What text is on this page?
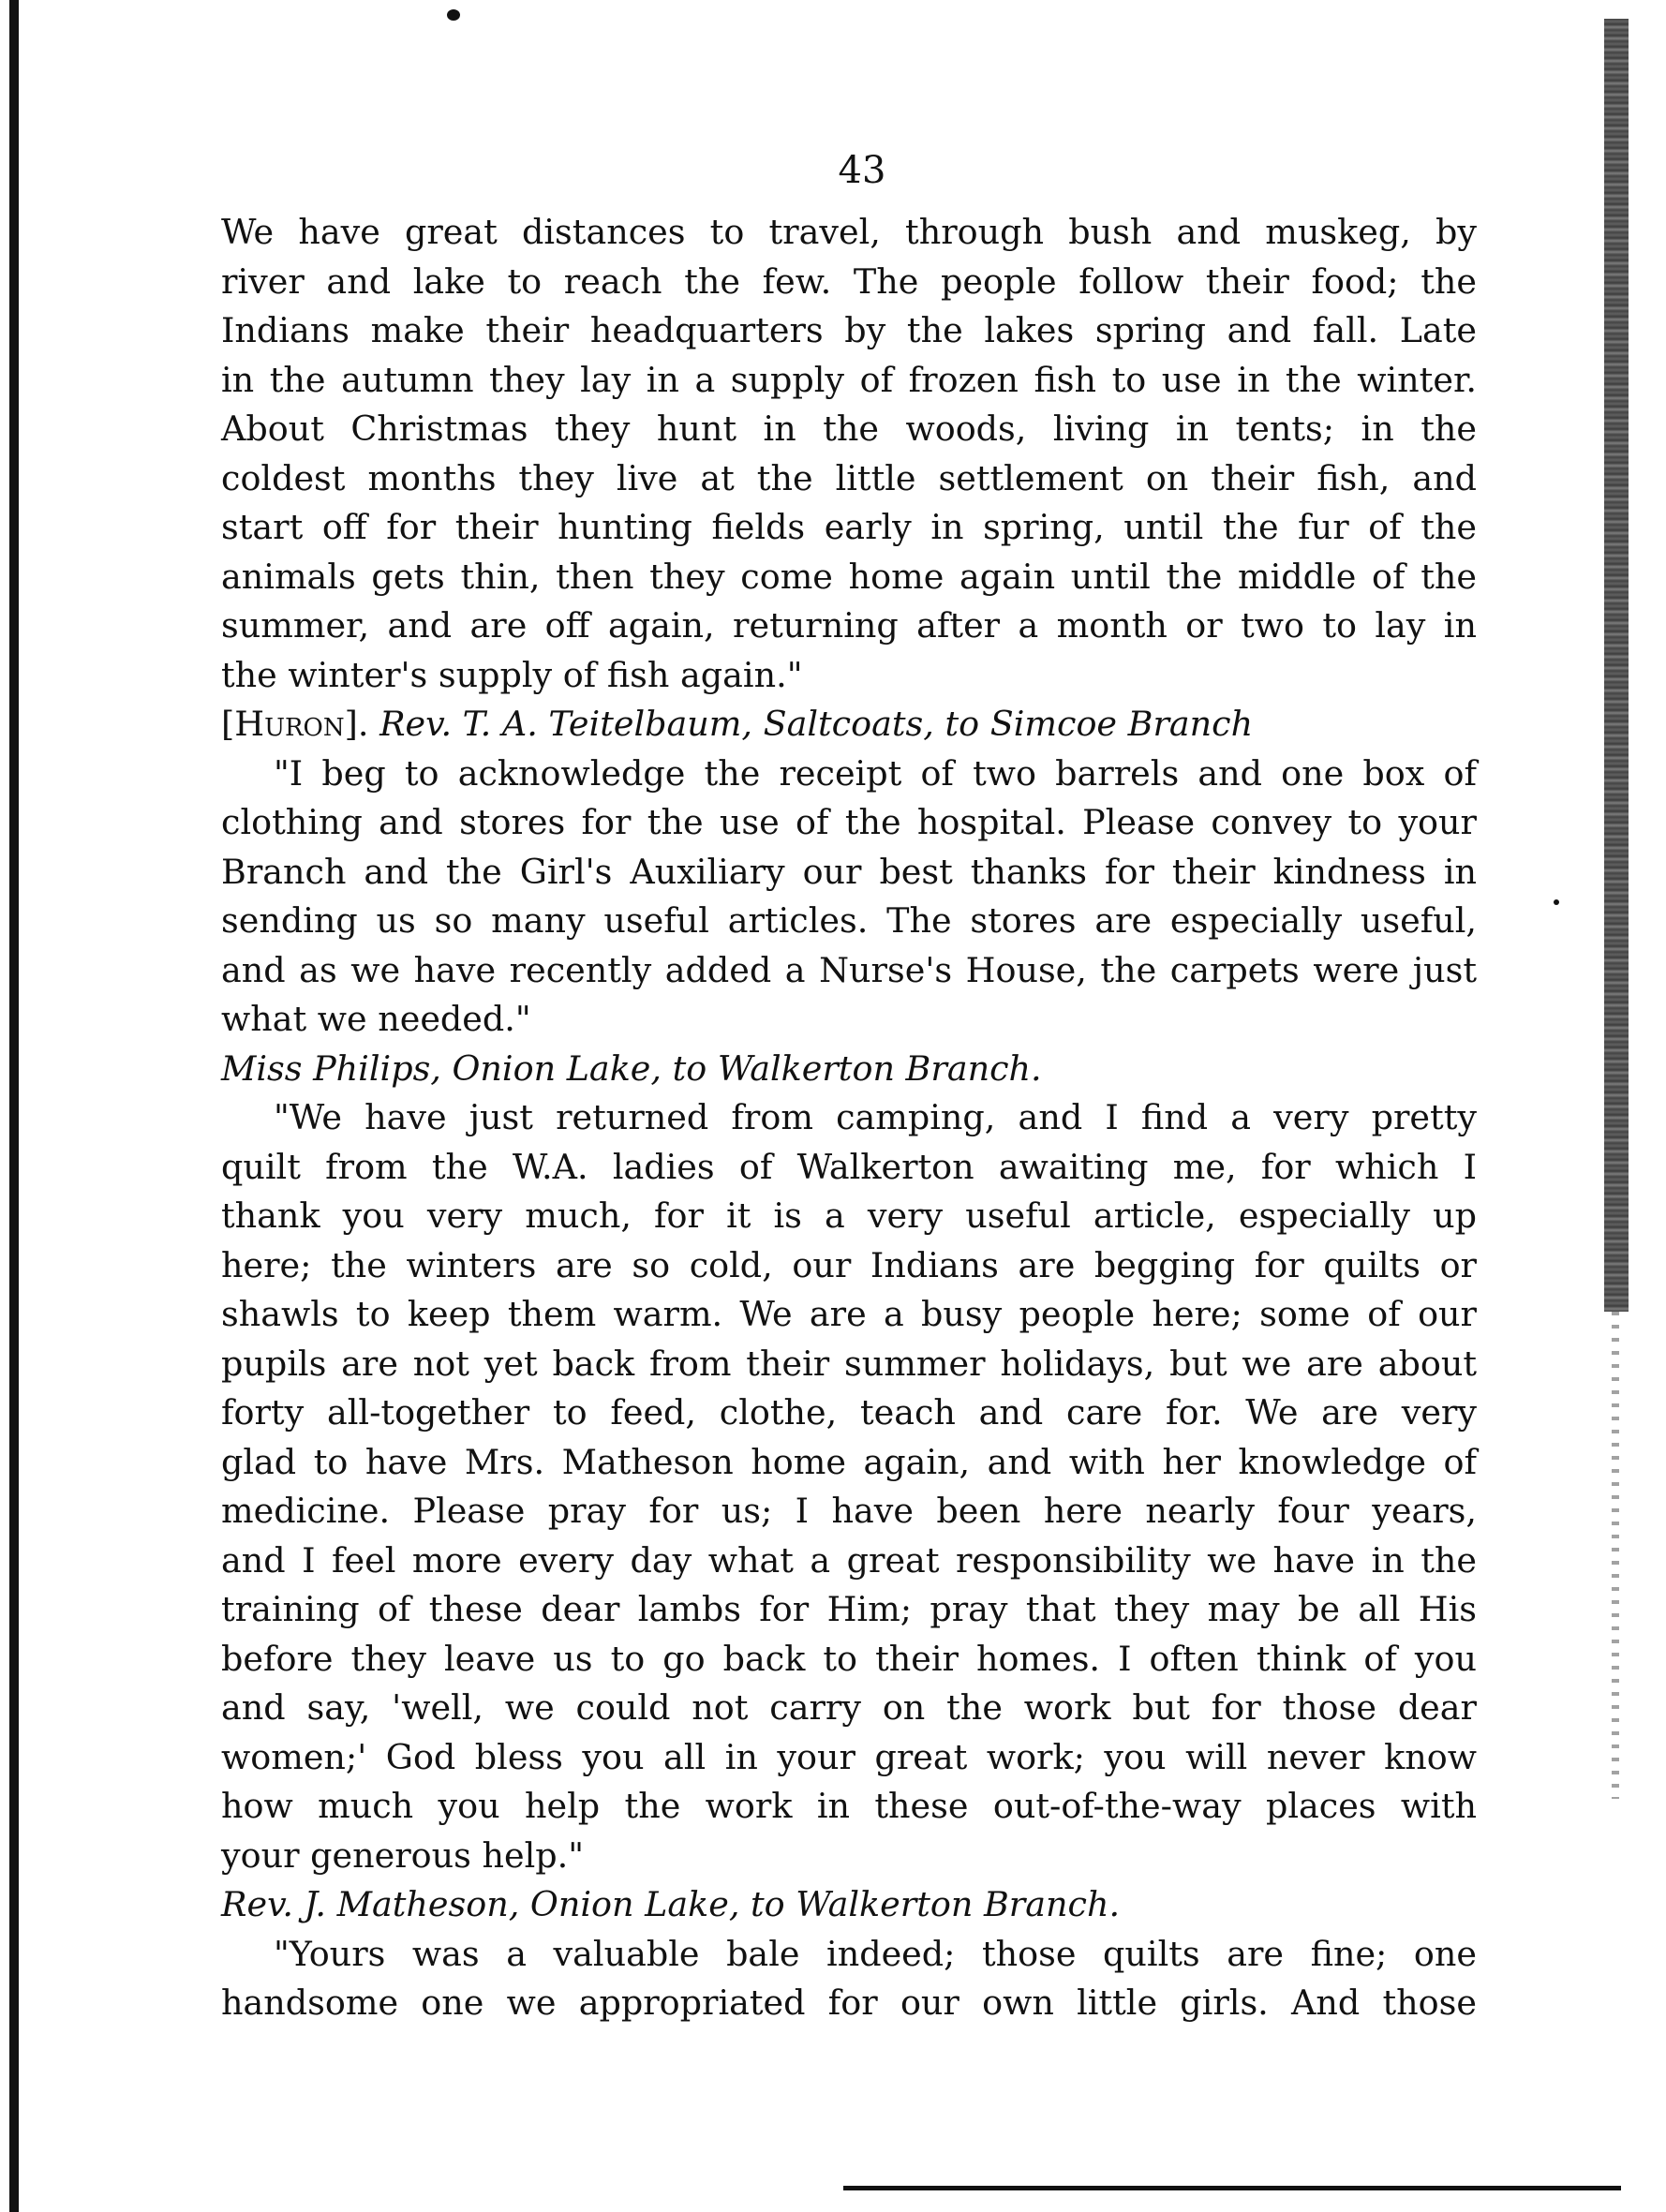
43
We have great distances to travel, through bush and muskeg, by
river and lake to reach the few. The people follow their food; the
Indians make their headquarters by the lakes spring and fall. Late
in the autumn they lay in a supply of frozen fish to use in the winter.
About Christmas they hunt in the woods, living in tents; in the
coldest months they live at the little settlement on their fish, and
start off for their hunting fields early in spring, until the fur of the
animals gets thin, then they come home again until the middle of the
summer, and are off again, returning after a month or two to lay in
the winter's supply of fish again."
[Huron]. Rev. T. A. Teitelbaum, Saltcoats, to Simcoe Branch
"I beg to acknowledge the receipt of two barrels and one box of
clothing and stores for the use of the hospital. Please convey to your
Branch and the Girl's Auxiliary our best thanks for their kindness in
sending us so many useful articles. The stores are especially useful,
and as we have recently added a Nurse's House, the carpets were just
what we needed."
Miss Philips, Onion Lake, to Walkerton Branch.
"We have just returned from camping, and I find a very pretty
quilt from the W.A. ladies of Walkerton awaiting me, for which I
thank you very much, for it is a very useful article, especially up
here; the winters are so cold, our Indians are begging for quilts or
shawls to keep them warm. We are a busy people here; some of our
pupils are not yet back from their summer holidays, but we are about
forty all-together to feed, clothe, teach and care for. We are very
glad to have Mrs. Matheson home again, and with her knowledge of
medicine. Please pray for us; I have been here nearly four years,
and I feel more every day what a great responsibility we have in the
training of these dear lambs for Him; pray that they may be all His
before they leave us to go back to their homes. I often think of you
and say, 'well, we could not carry on the work but for those dear
women;' God bless you all in your great work; you will never know
how much you help the work in these out-of-the-way places with
your generous help."
Rev. J. Matheson, Onion Lake, to Walkerton Branch.
"Yours was a valuable bale indeed; those quilts are fine; one
handsome one we appropriated for our own little girls. And those
